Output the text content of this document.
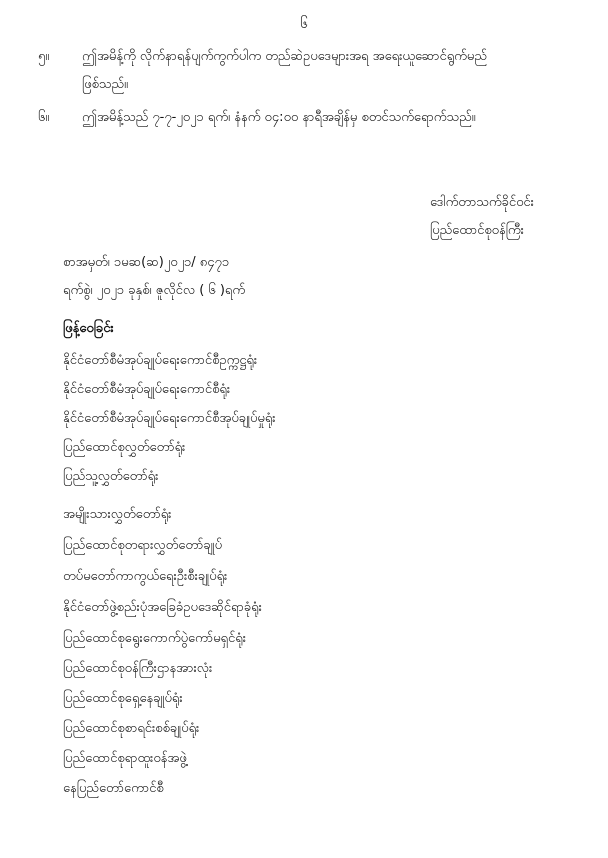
၆
၅။	ဤအမိန့်ကို လိုက်နာရန်ပျက်ကွက်ပါက တည်ဆဲဥပဒေများအရ အရေးယူဆောင်ရွက်မည်
ဖြစ်သည်။
၆။	ဤအမိန့်သည် ၇-၇-၂၀၂၁ ရက်၊ နံနက် ၀၄:၀၀ နာရီအချိန်မှ စတင်သက်ရောက်သည်။
ဒေါက်တာသက်ခိုင်ဝင်း
ပြည်ထောင်စုဝန်ကြီး
စာအမှတ်၊ ၁မဆ(ဆ)၂၀၂၁/ ၈၄၇၁
ရက်စွဲ၊ ၂၀၂၁ ခုနှစ်၊ ဇူလိုင်လ ( ၆ )ရက်
ဖြန့်ဝေခြင်း
နိုင်ငံတော်စီမံအုပ်ချုပ်ရေးကောင်စီဥက္ကဋ္ဌရုံး
နိုင်ငံတော်စီမံအုပ်ချုပ်ရေးကောင်စီရုံး
နိုင်ငံတော်စီမံအုပ်ချုပ်ရေးကောင်စီအုပ်ချုပ်မှုရုံး
ပြည်ထောင်စုလွှတ်တော်ရုံး
ပြည်သူ့လွှတ်တော်ရုံး
အမျိုးသားလွှတ်တော်ရုံး
ပြည်ထောင်စုတရားလွှတ်တော်ချုပ်
တပ်မတော်ကာကွယ်ရေးဦးစီးချုပ်ရုံး
နိုင်ငံတော်ဖွဲ့စည်းပုံအခြေခံဥပဒေဆိုင်ရာခုံရုံး
ပြည်ထောင်စုရွေးကောက်ပွဲကော်မရှင်ရုံး
ပြည်ထောင်စုဝန်ကြီးဌာနအားလုံး
ပြည်ထောင်စုရှေ့နေချုပ်ရုံး
ပြည်ထောင်စုစာရင်းစစ်ချုပ်ရုံး
ပြည်ထောင်စုရာထူးဝန်အဖွဲ့
နေပြည်တော်ကောင်စီ
